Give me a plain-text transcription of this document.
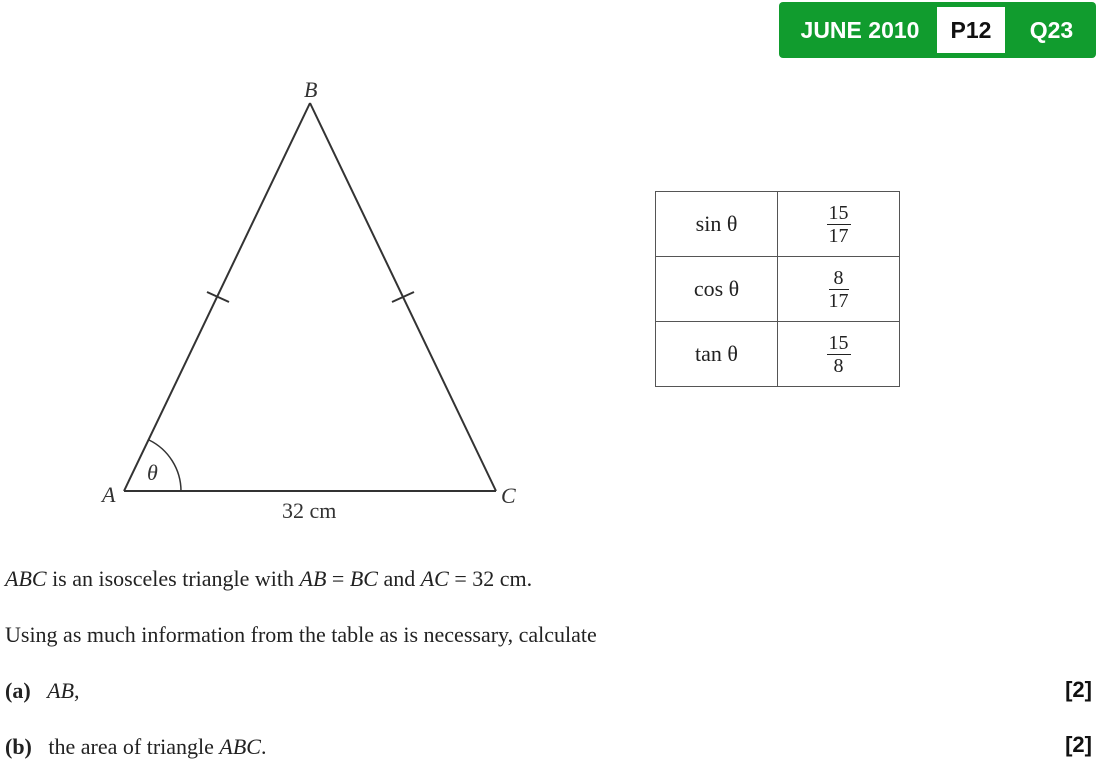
JUNE 2010	P12	Q23
B
A	C
θ
32 cm
sin θ	$\frac{15}{17}$

cos θ	$\frac{8}{17}$

tan θ	$\frac{15}{8}$
ABC is an isosceles triangle with AB = BC and AC = 32 cm.
Using as much information from the table as is necessary, calculate
(a) AB,	[2]
(b) the area of triangle ABC.	[2]
